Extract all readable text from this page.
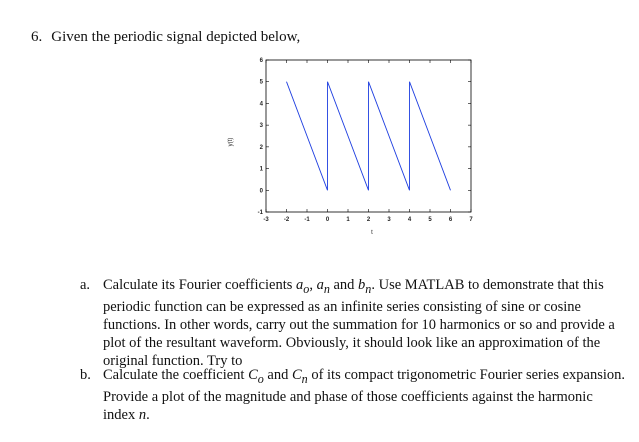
6. Given the periodic signal depicted below,
-3	-2	-1	0	1	2	3	4	5	6	7
-1
0
1
2
3
4
5
6
t
y(t)
a. Calculate its Fourier coefficients $a_o$, $a_n$ and $b_n$. Use MATLAB to demonstrate that this periodic function can be expressed as an infinite series consisting of sine or cosine functions. In other words, carry out the summation for 10 harmonics or so and provide a plot of the resultant waveform. Obviously, it should look like an approximation of the original function. Try to
b. Calculate the coefficient $C_o$ and $C_n$ of its compact trigonometric Fourier series expansion. Provide a plot of the magnitude and phase of those coefficients against the harmonic index n.
